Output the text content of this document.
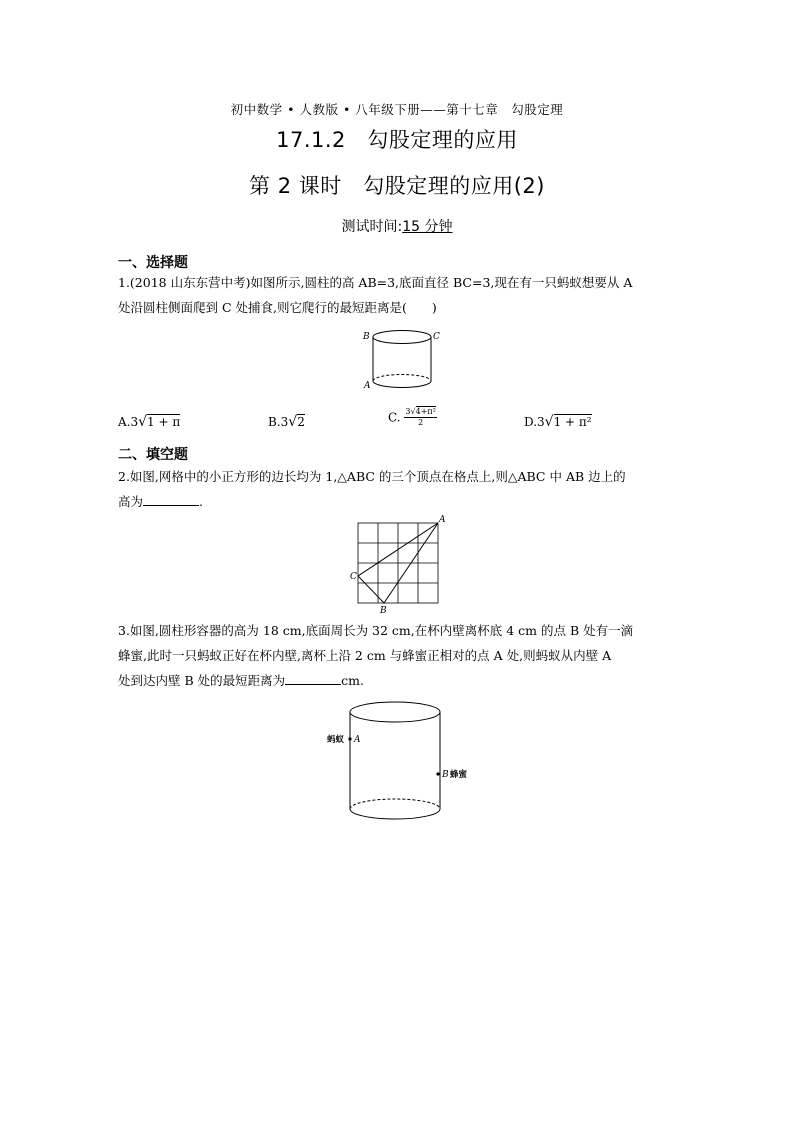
初中数学 • 人教版 • 八年级下册——第十七章　勾股定理
17.1.2　勾股定理的应用
第 2 课时　勾股定理的应用(2)
测试时间:15 分钟
一、选择题
1.(2018 山东东营中考)如图所示,圆柱的高 AB=3,底面直径 BC=3,现在有一只蚂蚁想要从 A
处沿圆柱侧面爬到 C 处捕食,则它爬行的最短距离是(　　)
B	C
A
A.3√1 + π	B.3√2	C. $\frac{\text{3√4+π²}}{2}$	D.3√1 + π²
二、填空题
2.如图,网格中的小正方形的边长均为 1,△ABC 的三个顶点在格点上,则△ABC 中 AB 边上的
高为	.
A
C
B
3.如图,圆柱形容器的高为 18 cm,底面周长为 32 cm,在杯内壁离杯底 4 cm 的点 B 处有一滴
蜂蜜,此时一只蚂蚁正好在杯内壁,离杯上沿 2 cm 与蜂蜜正相对的点 A 处,则蚂蚁从内壁 A
处到达内壁 B 处的最短距离为	cm.
蚂蚁 A
B 蜂蜜
